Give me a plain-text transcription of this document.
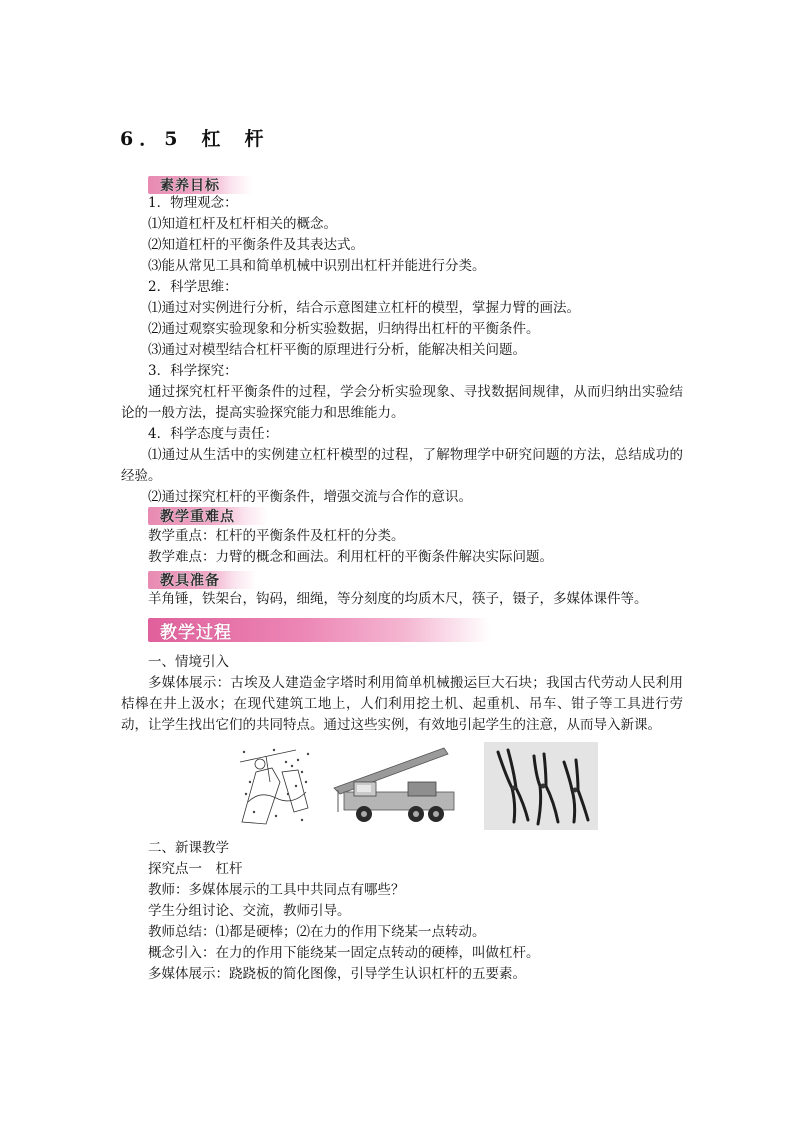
6．5 杠杆
素养目标
1．物理观念：
⑴知道杠杆及杠杆相关的概念。
⑵知道杠杆的平衡条件及其表达式。
⑶能从常见工具和简单机械中识别出杠杆并能进行分类。
2．科学思维：
⑴通过对实例进行分析，结合示意图建立杠杆的模型，掌握力臂的画法。
⑵通过观察实验现象和分析实验数据，归纳得出杠杆的平衡条件。
⑶通过对模型结合杠杆平衡的原理进行分析，能解决相关问题。
3．科学探究：
通过探究杠杆平衡条件的过程，学会分析实验现象、寻找数据间规律，从而归纳出实验结论的一般方法，提高实验探究能力和思维能力。
4．科学态度与责任：
⑴通过从生活中的实例建立杠杆模型的过程，了解物理学中研究问题的方法，总结成功的经验。
⑵通过探究杠杆的平衡条件，增强交流与合作的意识。
教学重难点
教学重点：杠杆的平衡条件及杠杆的分类。
教学难点：力臂的概念和画法。利用杠杆的平衡条件解决实际问题。
教具准备
羊角锤，铁架台，钩码，细绳，等分刻度的均质木尺，筷子，镊子，多媒体课件等。
教学过程
一、情境引入
多媒体展示：古埃及人建造金字塔时利用简单机械搬运巨大石块；我国古代劳动人民利用桔槔在井上汲水；在现代建筑工地上，人们利用挖土机、起重机、吊车、钳子等工具进行劳动，让学生找出它们的共同特点。通过这些实例，有效地引起学生的注意，从而导入新课。
二、新课教学
探究点一　杠杆
教师：多媒体展示的工具中共同点有哪些？
学生分组讨论、交流，教师引导。
教师总结：⑴都是硬棒；⑵在力的作用下绕某一点转动。
概念引入：在力的作用下能绕某一固定点转动的硬棒，叫做杠杆。
多媒体展示：跷跷板的简化图像，引导学生认识杠杆的五要素。
